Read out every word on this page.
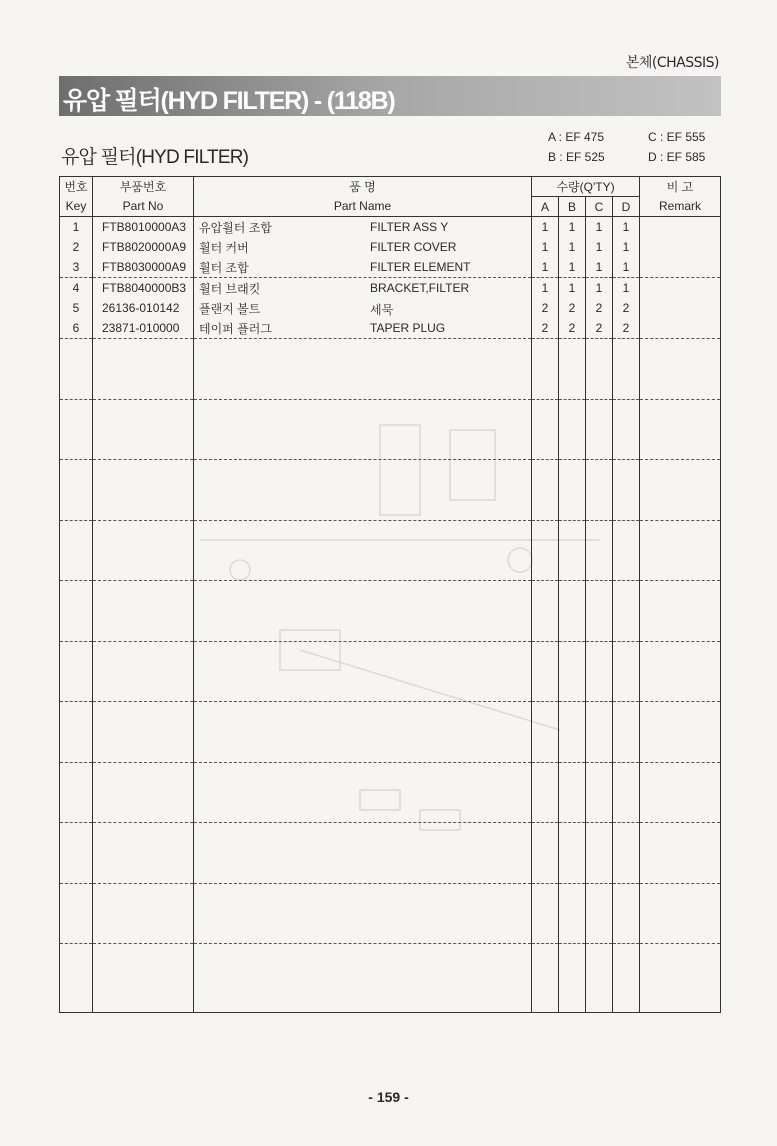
본체(CHASSIS)
유압 필터(HYD FILTER) - (118B)
유압 필터(HYD FILTER)
A : EF 475	C : EF 555
B : EF 525	D : EF 585
번호	부품번호	품 명	수량(Q'TY)				비 고
Key	Part No	Part Name	A	B	C	D	Remark
1	FTB8010000A3	유압휠터 조합 FILTER ASS Y	1	1	1	1	
2	FTB8020000A9	휠터 커버 FILTER COVER	1	1	1	1	
3	FTB8030000A9	휠터 조합 FILTER ELEMENT	1	1	1	1	
4	FTB8040000B3	휠터 브래킷 BRACKET,FILTER	1	1	1	1	
5	26136-010142	플랜지 볼트 세묵	2	2	2	2	
6	23871-010000	테이퍼 플러그 TAPER PLUG	2	2	2	2	

- 159 -
